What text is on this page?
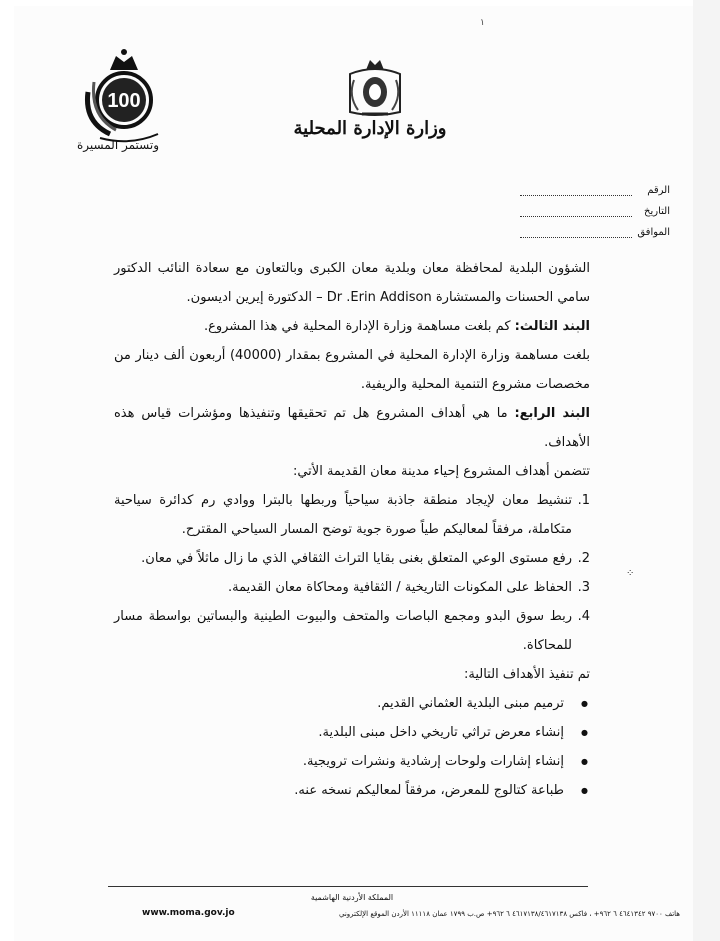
١
100
وتستمر المسيرة
وزارة الإدارة المحلية
الرقم
التاريخ
الموافق

الشؤون البلدية لمحافظة معان وبلدية معان الكبرى وبالتعاون مع سعادة النائب الدكتور سامي الحسنات والمستشارة Dr .Erin Addison – الدكتورة إيرين اديسون.

البند الثالث: كم بلغت مساهمة وزارة الإدارة المحلية في هذا المشروع.

بلغت مساهمة وزارة الإدارة المحلية في المشروع بمقدار (40000) أربعون ألف دينار من مخصصات مشروع التنمية المحلية والريفية.

البند الرابع: ما هي أهداف المشروع هل تم تحقيقها وتنفيذها ومؤشرات قياس هذه الأهداف.

تتضمن أهداف المشروع إحياء مدينة معان القديمة الأتي:

1.
تنشيط معان لإيجاد منطقة جاذبة سياحياً وربطها بالبترا ووادي رم كدائرة سياحية متكاملة، مرفقاً لمعاليكم طياً صورة جوية توضح المسار السياحي المقترح.
2.
رفع مستوى الوعي المتعلق بغنى بقايا التراث الثقافي الذي ما زال ماثلاً في معان.
3.
الحفاظ على المكونات التاريخية / الثقافية ومحاكاة معان القديمة.
4.
ربط سوق البدو ومجمع الباصات والمتحف والبيوت الطينية والبساتين بواسطة مسار للمحاكاة.

تم تنفيذ الأهداف التالية:

● ترميم مبنى البلدية العثماني القديم.
● إنشاء معرض تراثي تاريخي داخل مبنى البلدية.
● إنشاء إشارات ولوحات إرشادية ونشرات ترويجية.
● طباعة كتالوج للمعرض، مرفقاً لمعاليكم نسخه عنه.
⁘
المملكة الأردنية الهاشمية
هاتف ٩٧٠٠ ٤٦٤١٣٤٢ ٦ ٩٦٢+ ، فاكس ٤٦١٧١٣٨/٤٦١٧١٣٨ ٦ ٩٦٢+ ص.ب ١٧٩٩ عمان ١١١١٨ الأردن الموقع الإلكتروني
www.moma.gov.jo
